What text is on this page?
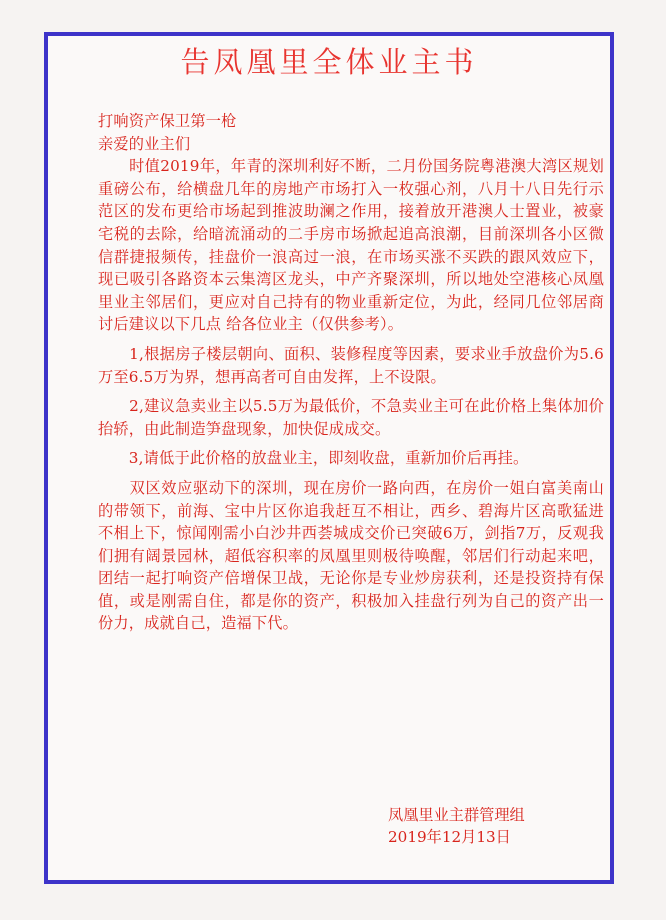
告凤凰里全体业主书

打响资产保卫第一枪

亲爱的业主们

　　时值2019年，年青的深圳利好不断，二月份国务院粤港澳大湾区规划重磅公布，给横盘几年的房地产市场打入一枚强心剂，八月十八日先行示范区的发布更给市场起到推波助澜之作用，接着放开港澳人士置业，被豪宅税的去除，给暗流涌动的二手房市场掀起追高浪潮，目前深圳各小区微信群捷报频传，挂盘价一浪高过一浪，在市场买涨不买跌的跟风效应下，现已吸引各路资本云集湾区龙头，中产齐聚深圳，所以地处空港核心凤凰里业主邻居们，更应对自己持有的物业重新定位，为此，经同几位邻居商讨后建议以下几点 给各位业主（仅供参考）。

　　1,根据房子楼层朝向、面积、装修程度等因素，要求业手放盘价为5.6万至6.5万为界，想再高者可自由发挥，上不设限。

　　2,建议急卖业主以5.5万为最低价，不急卖业主可在此价格上集体加价抬轿，由此制造笋盘现象，加快促成成交。

　　3,请低于此价格的放盘业主，即刻收盘，重新加价后再挂。

　　双区效应驱动下的深圳，现在房价一路向西，在房价一姐白富美南山的带领下，前海、宝中片区你追我赶互不相让，西乡、碧海片区高歌猛进不相上下，惊闻刚需小白沙井西荟城成交价已突破6万，剑指7万，反观我们拥有阔景园林，超低容积率的凤凰里则极待唤醒，邻居们行动起来吧，团结一起打响资产倍增保卫战，无论你是专业炒房获利，还是投资持有保值，或是刚需自住，都是你的资产，积极加入挂盘行列为自己的资产出一份力，成就自己，造福下代。

凤凰里业主群管理组

2019年12月13日
